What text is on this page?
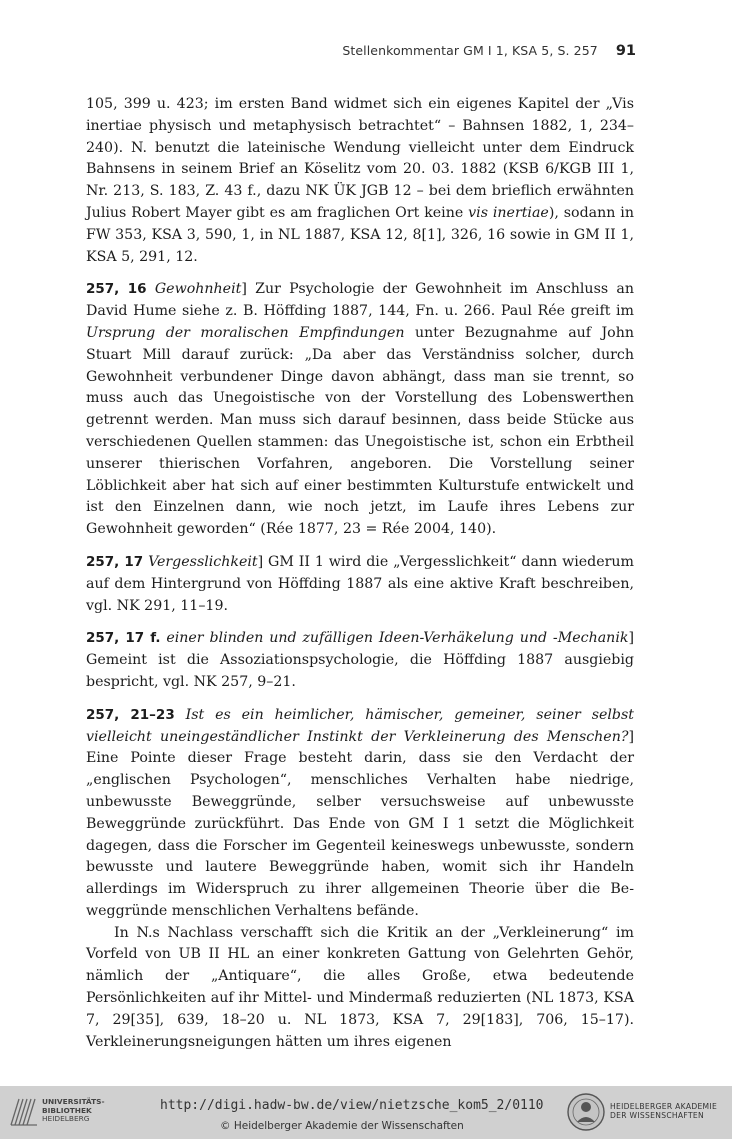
Stellenkommentar GM I 1, KSA 5, S. 257 91

105, 399 u. 423; im ersten Band widmet sich ein eigenes Kapitel der „Vis inertiae physisch und metaphysisch betrachtet“ – Bahnsen 1882, 1, 234–240). N. benutzt die lateinische Wendung vielleicht unter dem Eindruck Bahnsens in seinem Brief an Köselitz vom 20. 03. 1882 (KSB 6/KGB III 1, Nr. 213, S. 183, Z. 43 f., dazu NK ÜK JGB 12 – bei dem brieflich erwähnten Julius Robert Mayer gibt es am fraglichen Ort keine vis inertiae), sodann in FW 353, KSA 3, 590, 1, in NL 1887, KSA 12, 8[1], 326, 16 sowie in GM II 1, KSA 5, 291, 12.

257, 16 Gewohnheit] Zur Psychologie der Gewohnheit im Anschluss an David Hume siehe z. B. Höffding 1887, 144, Fn. u. 266. Paul Rée greift im Ursprung der moralischen Empfindungen unter Bezugnahme auf John Stuart Mill darauf zurück: „Da aber das Verständniss solcher, durch Gewohnheit verbundener Dinge davon abhängt, dass man sie trennt, so muss auch das Unegoistische von der Vorstellung des Lobenswerthen getrennt werden. Man muss sich darauf besinnen, dass beide Stücke aus verschiedenen Quellen stammen: das Unegoistische ist, schon ein Erbtheil unserer thierischen Vorfahren, angeboren. Die Vorstellung seiner Löblichkeit aber hat sich auf einer bestimmten Kulturstufe entwickelt und ist den Einzelnen dann, wie noch jetzt, im Laufe ihres Lebens zur Gewohnheit geworden“ (Rée 1877, 23 = Rée 2004, 140).

257, 17 Vergesslichkeit] GM II 1 wird die „Vergesslichkeit“ dann wiederum auf dem Hintergrund von Höffding 1887 als eine aktive Kraft beschreiben, vgl. NK 291, 11–19.

257, 17 f. einer blinden und zufälligen Ideen-Verhäkelung und -Mechanik] Gemeint ist die Assoziationspsychologie, die Höffding 1887 ausgiebig bespricht, vgl. NK 257, 9–21.

257, 21–23 Ist es ein heimlicher, hämischer, gemeiner, seiner selbst vielleicht uneingeständlicher Instinkt der Verkleinerung des Menschen?] Eine Pointe dieser Frage besteht darin, dass sie den Verdacht der „englischen Psychologen“, menschliches Verhalten habe niedrige, unbewusste Beweggründe, selber versuchsweise auf unbewusste Beweggründe zurückführt. Das Ende von GM I 1 setzt die Möglichkeit dagegen, dass die Forscher im Gegenteil keineswegs unbewusste, sondern bewusste und lautere Beweggründe haben, womit sich ihr Handeln allerdings im Widerspruch zu ihrer allgemeinen Theorie über die Beweggründe menschlichen Verhaltens befände.

In N.s Nachlass verschafft sich die Kritik an der „Verkleinerung“ im Vorfeld von UB II HL an einer konkreten Gattung von Gelehrten Gehör, nämlich der „Antiquare“, die alles Große, etwa bedeutende Persönlichkeiten auf ihr Mittel- und Mindermaß reduzierten (NL 1873, KSA 7, 29[35], 639, 18–20 u. NL 1873, KSA 7, 29[183], 706, 15–17). Verkleinerungsneigungen hätten um ihres eigenen

UNIVERSITÄTS-
BIBLIOTHEK
HEIDELBERG
http://digi.hadw-bw.de/view/nietzsche_kom5_2/0110
© Heidelberger Akademie der Wissenschaften
HEIDELBERGER AKADEMIE
DER WISSENSCHAFTEN
